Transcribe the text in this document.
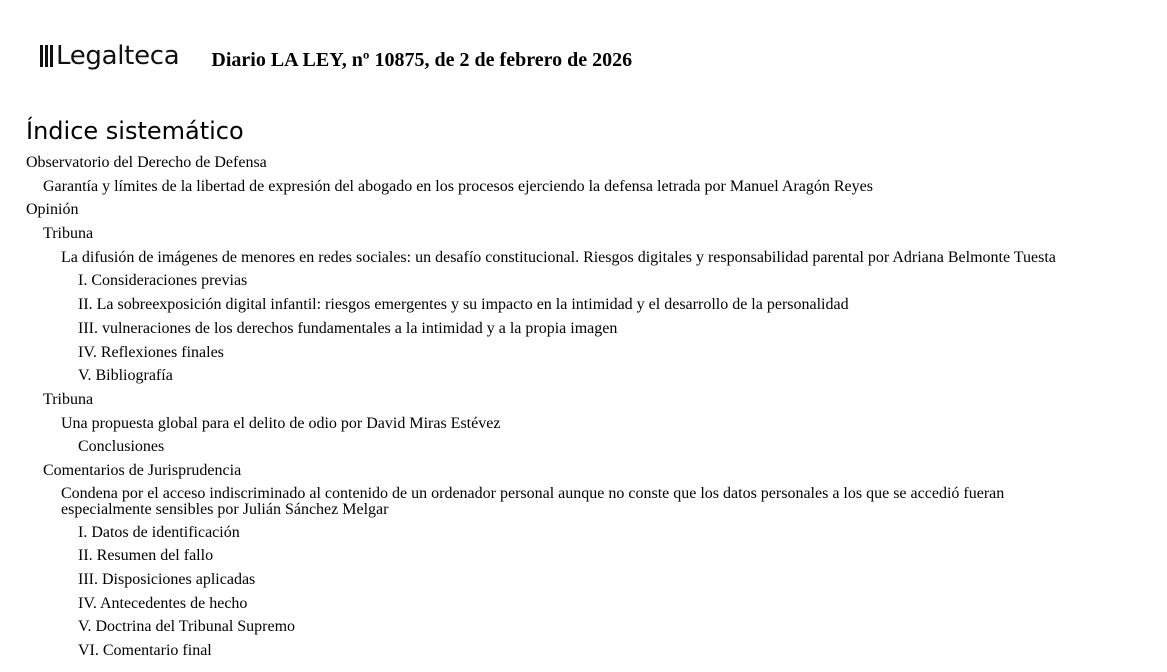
Legalteca Diario LA LEY, nº 10875, de 2 de febrero de 2026
Índice sistemático
Observatorio del Derecho de Defensa
Garantía y límites de la libertad de expresión del abogado en los procesos ejerciendo la defensa letrada por Manuel Aragón Reyes
Opinión
Tribuna
La difusión de imágenes de menores en redes sociales: un desafío constitucional. Riesgos digitales y responsabilidad parental por Adriana Belmonte Tuesta
I. Consideraciones previas
II. La sobreexposición digital infantil: riesgos emergentes y su impacto en la intimidad y el desarrollo de la personalidad
III. vulneraciones de los derechos fundamentales a la intimidad y a la propia imagen
IV. Reflexiones finales
V. Bibliografía
Tribuna
Una propuesta global para el delito de odio por David Miras Estévez
Conclusiones
Comentarios de Jurisprudencia
Condena por el acceso indiscriminado al contenido de un ordenador personal aunque no conste que los datos personales a los que se accedió fueran especialmente sensibles por Julián Sánchez Melgar
I. Datos de identificación
II. Resumen del fallo
III. Disposiciones aplicadas
IV. Antecedentes de hecho
V. Doctrina del Tribunal Supremo
VI. Comentario final
